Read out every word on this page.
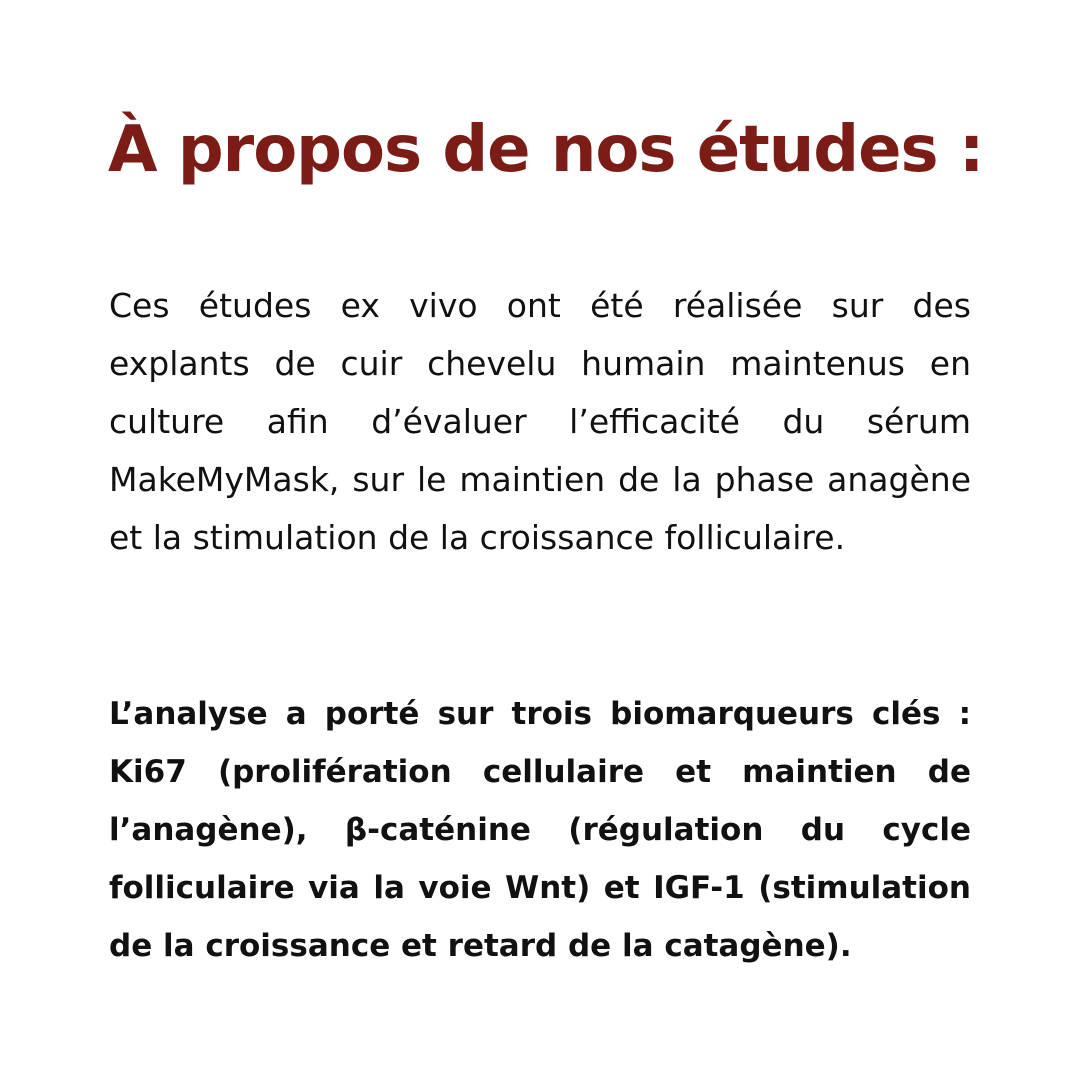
À propos de nos études :

Ces études ex vivo ont été réalisée sur des explants de cuir chevelu humain maintenus en culture afin d’évaluer l’efficacité du sérum MakeMyMask, sur le maintien de la phase anagène et la stimulation de la croissance folliculaire.

L’analyse a porté sur trois biomarqueurs clés : Ki67 (prolifération cellulaire et maintien de l’anagène), β-caténine (régulation du cycle folliculaire via la voie Wnt) et IGF-1 (stimulation de la croissance et retard de la catagène).
